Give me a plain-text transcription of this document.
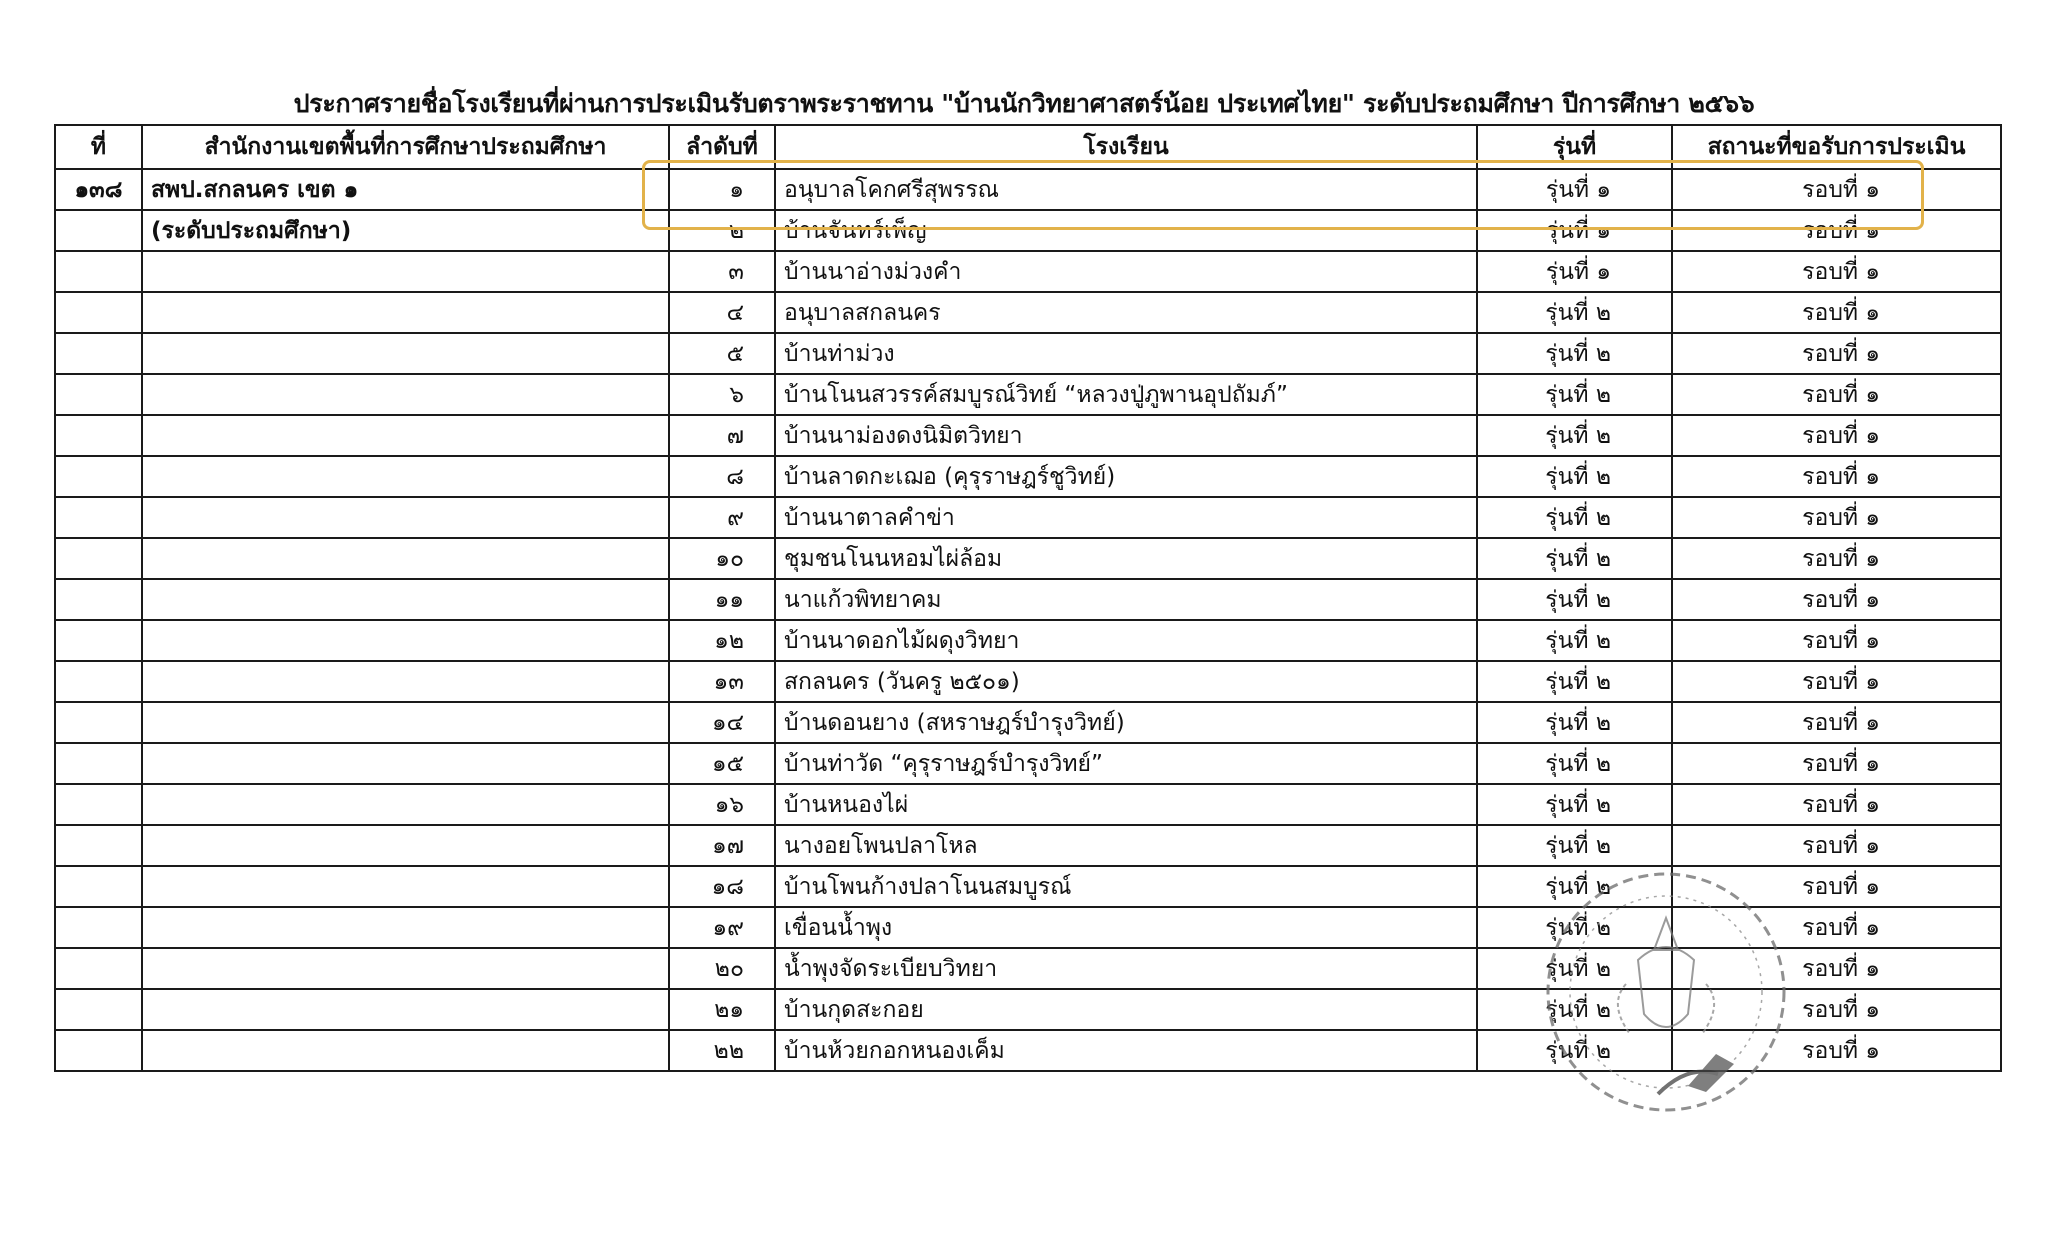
ประกาศรายชื่อโรงเรียนที่ผ่านการประเมินรับตราพระราชทาน "บ้านนักวิทยาศาสตร์น้อย ประเทศไทย" ระดับประถมศึกษา ปีการศึกษา ๒๕๖๖
ที่	สำนักงานเขตพื้นที่การศึกษาประถมศึกษา	ลำดับที่	โรงเรียน	รุ่นที่	สถานะที่ขอรับการประเมิน
๑๓๘	สพป.สกลนคร เขต ๑	๑	อนุบาลโคกศรีสุพรรณ	รุ่นที่ ๑	รอบที่ ๑
	(ระดับประถมศึกษา)	๒	บ้านจันทร์เพ็ญ	รุ่นที่ ๑	รอบที่ ๑
		๓	บ้านนาอ่างม่วงคำ	รุ่นที่ ๑	รอบที่ ๑
		๔	อนุบาลสกลนคร	รุ่นที่ ๒	รอบที่ ๑
		๕	บ้านท่าม่วง	รุ่นที่ ๒	รอบที่ ๑
		๖	บ้านโนนสวรรค์สมบูรณ์วิทย์ “หลวงปู่ภูพานอุปถัมภ์”	รุ่นที่ ๒	รอบที่ ๑
		๗	บ้านนาม่องดงนิมิตวิทยา	รุ่นที่ ๒	รอบที่ ๑
		๘	บ้านลาดกะเฌอ (คุรุราษฎร์ชูวิทย์)	รุ่นที่ ๒	รอบที่ ๑
		๙	บ้านนาตาลคำข่า	รุ่นที่ ๒	รอบที่ ๑
		๑๐	ชุมชนโนนหอมไผ่ล้อม	รุ่นที่ ๒	รอบที่ ๑
		๑๑	นาแก้วพิทยาคม	รุ่นที่ ๒	รอบที่ ๑
		๑๒	บ้านนาดอกไม้ผดุงวิทยา	รุ่นที่ ๒	รอบที่ ๑
		๑๓	สกลนคร (วันครู ๒๕๐๑)	รุ่นที่ ๒	รอบที่ ๑
		๑๔	บ้านดอนยาง (สหราษฎร์บำรุงวิทย์)	รุ่นที่ ๒	รอบที่ ๑
		๑๕	บ้านท่าวัด “คุรุราษฎร์บำรุงวิทย์”	รุ่นที่ ๒	รอบที่ ๑
		๑๖	บ้านหนองไผ่	รุ่นที่ ๒	รอบที่ ๑
		๑๗	นางอยโพนปลาโหล	รุ่นที่ ๒	รอบที่ ๑
		๑๘	บ้านโพนก้างปลาโนนสมบูรณ์	รุ่นที่ ๒	รอบที่ ๑
		๑๙	เขื่อนน้ำพุง	รุ่นที่ ๒	รอบที่ ๑
		๒๐	น้ำพุงจัดระเบียบวิทยา	รุ่นที่ ๒	รอบที่ ๑
		๒๑	บ้านกุดสะกอย	รุ่นที่ ๒	รอบที่ ๑
		๒๒	บ้านห้วยกอกหนองเค็ม	รุ่นที่ ๒	รอบที่ ๑
